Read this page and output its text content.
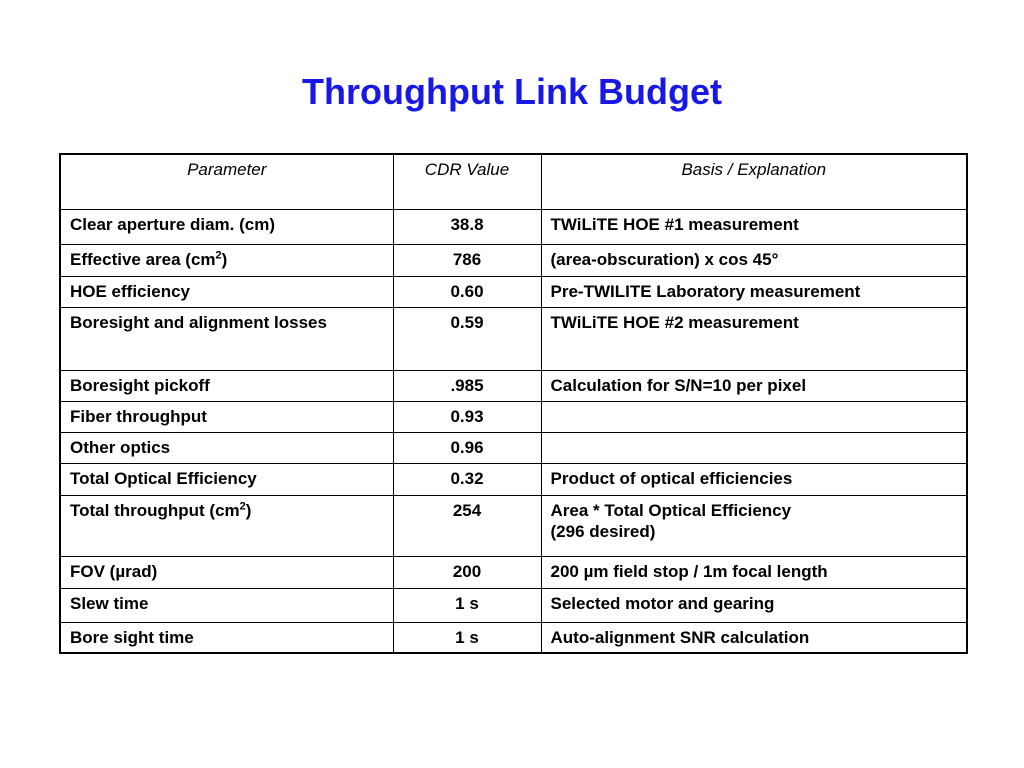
Throughput Link Budget
Parameter	CDR Value	Basis / Explanation
Clear aperture diam. (cm)	38.8	TWiLiTE HOE #1 measurement
Effective area $(cm^2)$	786	(area-obscuration) x cos 45°
HOE efficiency	0.60	Pre-TWILITE Laboratory measurement
Boresight and alignment losses	0.59	TWiLiTE HOE #2 measurement
Boresight pickoff	.985	Calculation for S/N=10 per pixel
Fiber throughput	0.93	
Other optics	0.96	
Total Optical Efficiency	0.32	Product of optical efficiencies
Total throughput $(cm^2)$	254	Area * Total Optical Efficiency
(296 desired)

FOV (µrad)	200	200 µm field stop / 1m focal length
Slew time	1 s	Selected motor and gearing
Bore sight time	1 s	Auto-alignment SNR calculation
